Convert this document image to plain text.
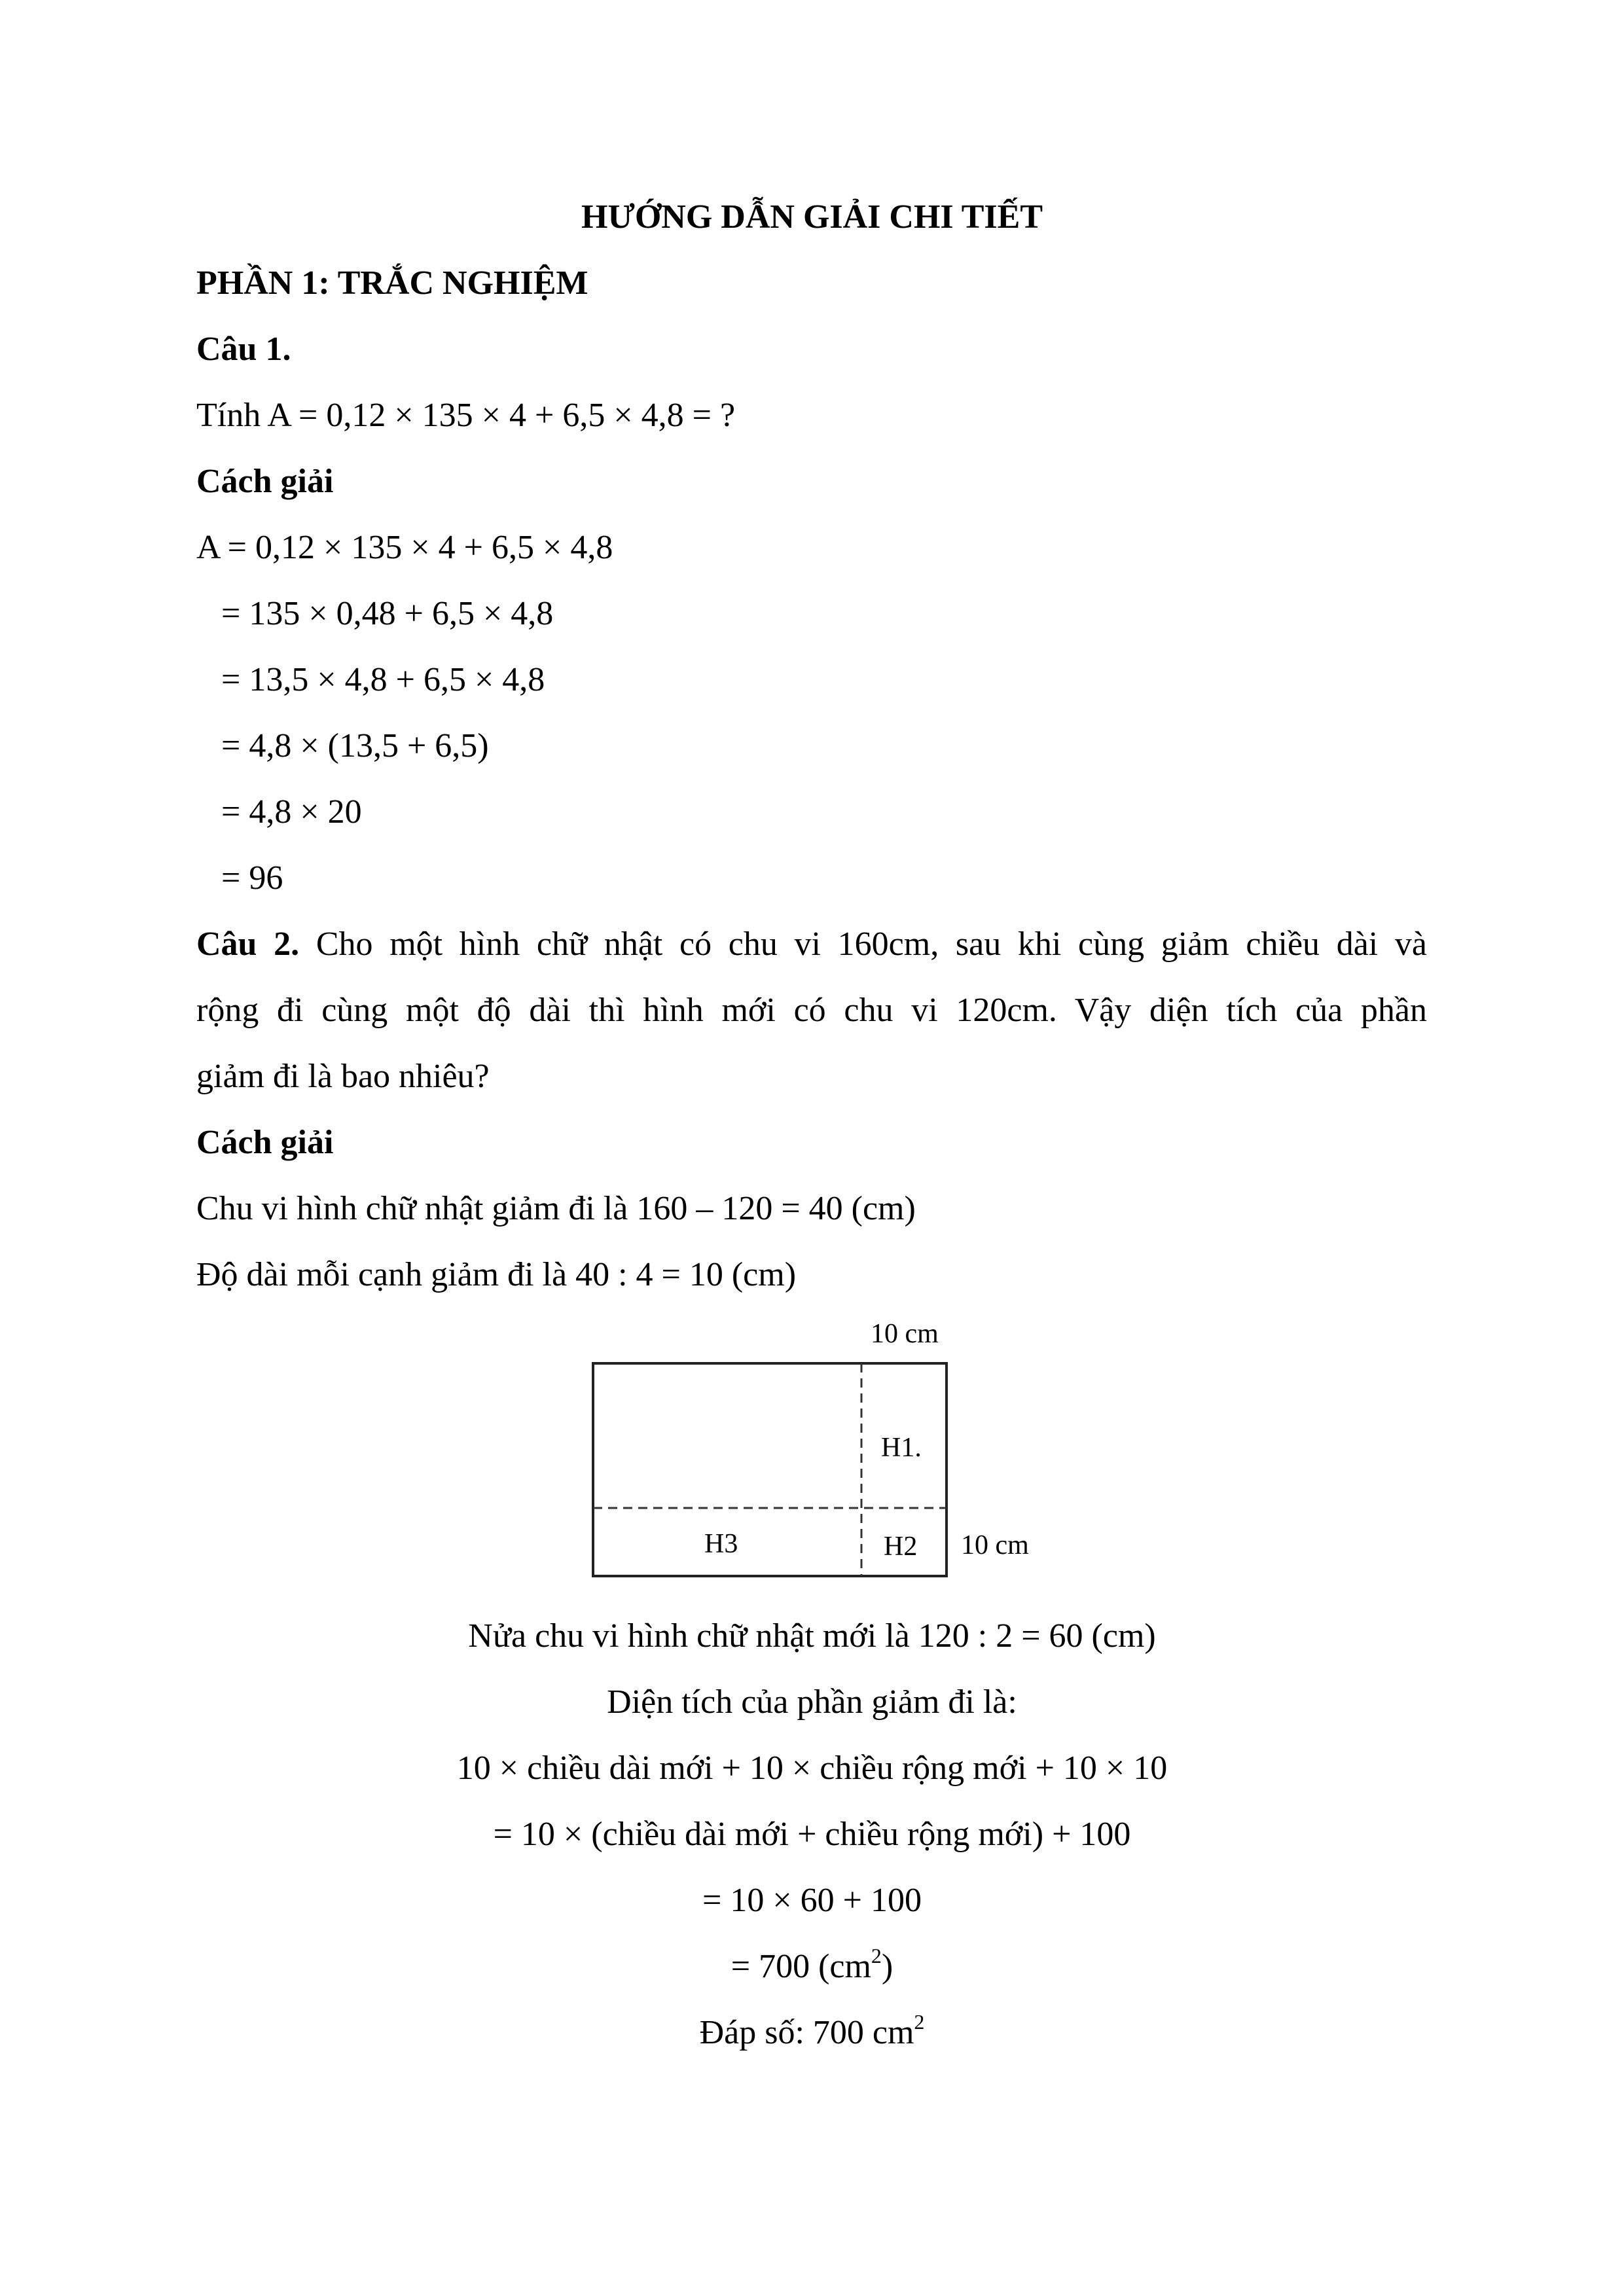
HƯỚNG DẪN GIẢI CHI TIẾT
PHẦN 1: TRẮC NGHIỆM
Câu 1.
Tính A = 0,12 × 135 × 4 + 6,5 × 4,8 = ?
Cách giải
A = 0,12 × 135 × 4 + 6,5 × 4,8
= 135 × 0,48 + 6,5 × 4,8
= 13,5 × 4,8 + 6,5 × 4,8
= 4,8 × (13,5 + 6,5)
= 4,8 × 20
= 96
Câu 2. Cho một hình chữ nhật có chu vi 160cm, sau khi cùng giảm chiều dài và
rộng đi cùng một độ dài thì hình mới có chu vi 120cm. Vậy diện tích của phần
giảm đi là bao nhiêu?
Cách giải
Chu vi hình chữ nhật giảm đi là 160 – 120 = 40 (cm)
Độ dài mỗi cạnh giảm đi là 40 : 4 = 10 (cm)
10 cm
10 cm
H1.
H2
H3
Nửa chu vi hình chữ nhật mới là 120 : 2 = 60 (cm)
Diện tích của phần giảm đi là:
10 × chiều dài mới + 10 × chiều rộng mới + 10 × 10
= 10 × (chiều dài mới + chiều rộng mới) + 100
= 10 × 60 + 100
= 700 $(cm^2)$
Đáp số: 700 $cm^2$
